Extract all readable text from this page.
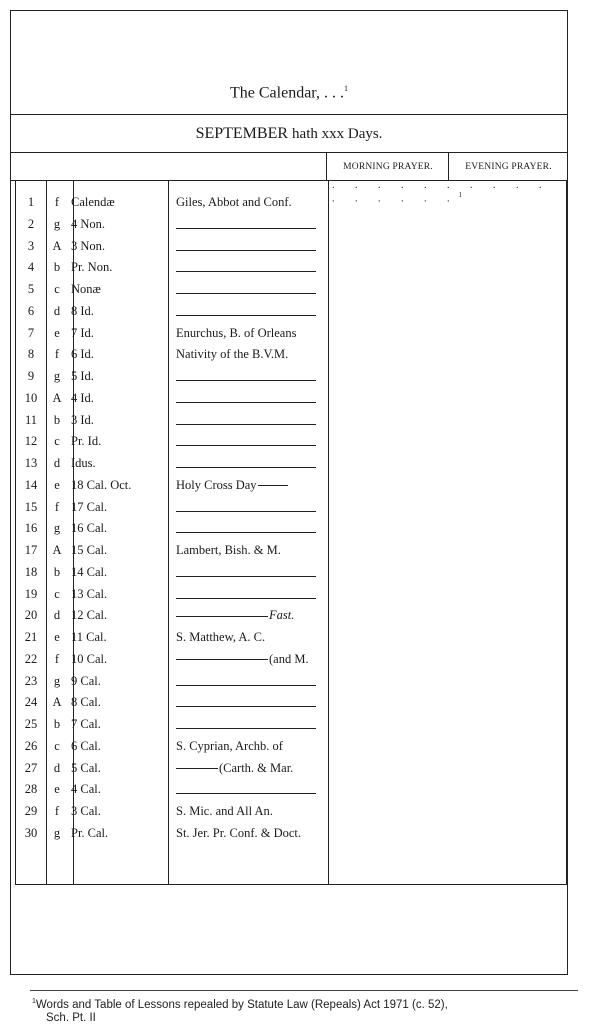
The Calendar, . . .$^1$
SEPTEMBER hath xxx Days.
MORNING PRAYER.	EVENING PRAYER.
. . . . . . . . . . . . . . . .$^1$
1	f Calendæ	Giles, Abbot and Conf.
2	g 4 Non.
3	A 3 Non.
4	b Pr. Non.
5	c Nonæ
6	d 8 Id.
7	e 7 Id.	Enurchus, B. of Orleans
8	f 6 Id.	Nativity of the B.V.M.
9	g 5 Id.
10	A 4 Id.
11	b 3 Id.
12	c Pr. Id.
13	d Idus.
14	e 18 Cal. Oct.	Holy Cross Day
15	f 17 Cal.
16	g 16 Cal.
17	A 15 Cal.	Lambert, Bish. & M.
18	b 14 Cal.
19	c 13 Cal.
20	d 12 Cal.	Fast.
21	e 11 Cal.	S. Matthew, A. C.
22	f 10 Cal.	(and M.
23	g 9 Cal.
24	A 8 Cal.
25	b 7 Cal.
26	c 6 Cal.	S. Cyprian, Archb. of
27	d 5 Cal.	(Carth. & Mar.
28	e 4 Cal.
29	f 3 Cal.	S. Mic. and All An.
30	g Pr. Cal.	St. Jer. Pr. Conf. & Doct.
$^1$Words and Table of Lessons repealed by Statute Law (Repeals) Act 1971 (c. 52),
Sch. Pt. II
